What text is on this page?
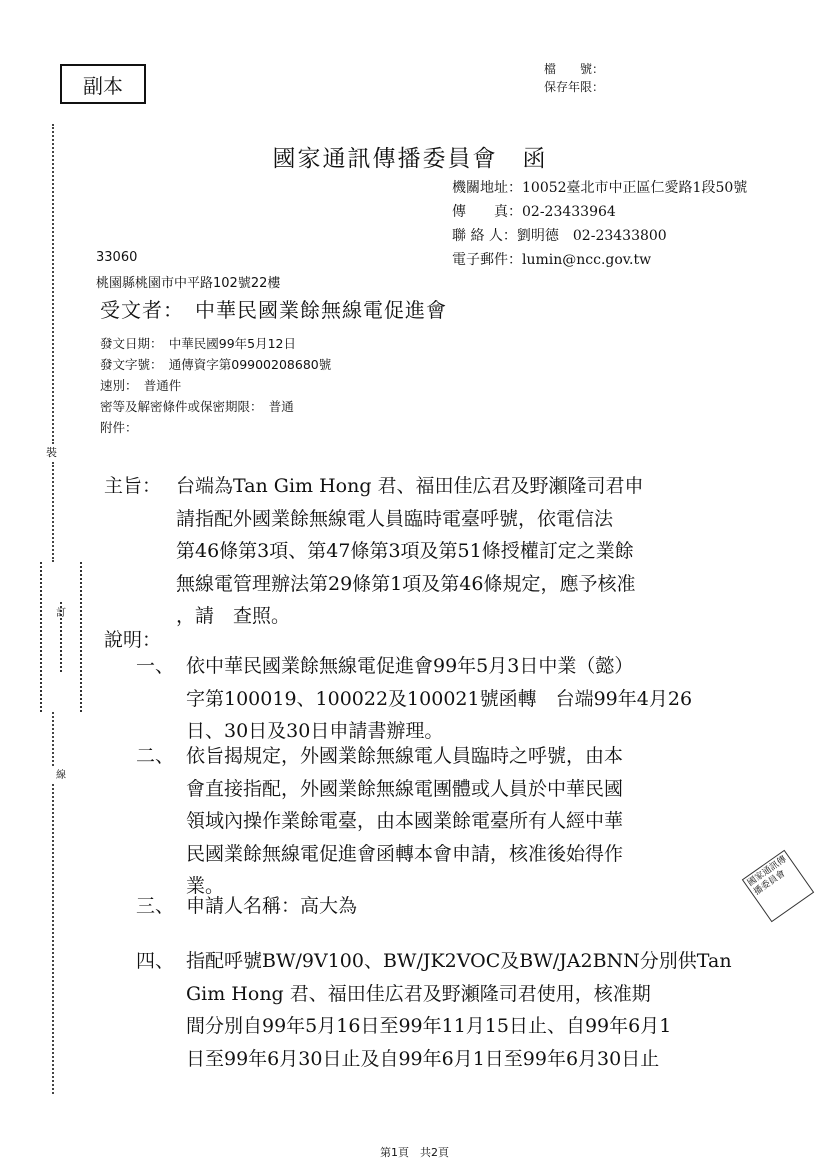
副本
檔　　號：
保存年限：
國家通訊傳播委員會　函
機關地址：10052臺北市中正區仁愛路1段50號
傳　　真：02-23433964
聯 絡 人：劉明德　02-23433800
電子郵件：lumin@ncc.gov.tw
33060
桃園縣桃園市中平路102號22樓
受文者：　中華民國業餘無線電促進會
發文日期：　中華民國99年5月12日
發文字號：　通傳資字第09900208680號
速別：　普通件
密等及解密條件或保密期限：　普通
附件：
裝
訂
線
主旨： 台端為Tan Gim Hong 君、福田佳広君及野瀬隆司君申
請指配外國業餘無線電人員臨時電臺呼號，依電信法
第46條第3項、第47條第3項及第51條授權訂定之業餘
無線電管理辦法第29條第1項及第46條規定，應予核准
，請　查照。
說明：
一、 依中華民國業餘無線電促進會99年5月3日中業（懿）
字第100019、100022及100021號函轉　台端99年4月26
日、30日及30日申請書辦理。
二、 依旨揭規定，外國業餘無線電人員臨時之呼號，由本
會直接指配，外國業餘無線電團體或人員於中華民國
領域內操作業餘電臺，由本國業餘電臺所有人經中華
民國業餘無線電促進會函轉本會申請，核准後始得作
業。
三、 申請人名稱：高大為
四、 指配呼號BW/9V100、BW/JK2VOC及BW/JA2BNN分別供Tan
Gim Hong 君、福田佳広君及野瀬隆司君使用，核准期
間分別自99年5月16日至99年11月15日止、自99年6月1
日至99年6月30日止及自99年6月1日至99年6月30日止
國家通訊傳播委員會
第1頁　共2頁
